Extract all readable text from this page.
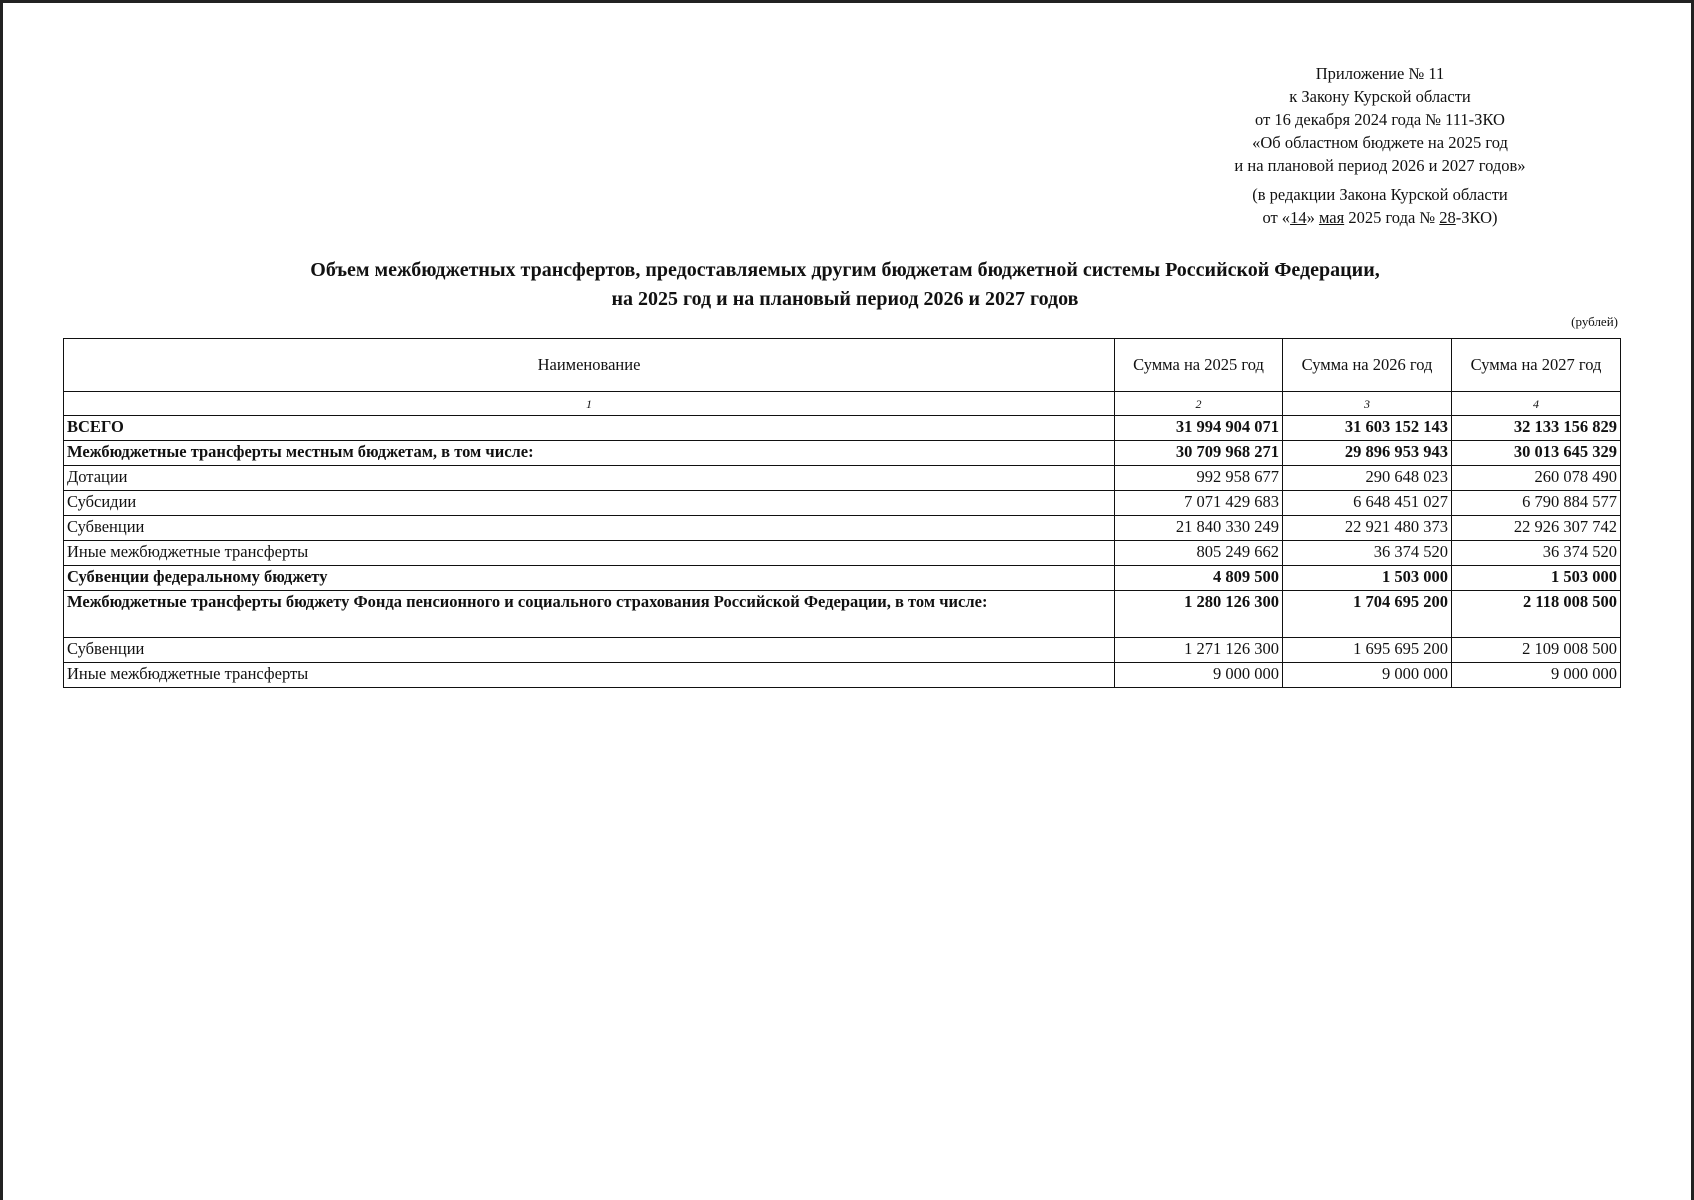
Приложение № 11
к Закону Курской области
от 16 декабря 2024 года № 111-ЗКО
«Об областном бюджете на 2025 год
и на плановой период 2026 и 2027 годов»
(в редакции Закона Курской области
от «14» мая 2025 года № 28-ЗКО)
Объем межбюджетных трансфертов, предоставляемых другим бюджетам бюджетной системы Российской Федерации,
на 2025 год и на плановый период 2026 и 2027 годов
(рублей)
Наименование	Сумма на 2025 год	Сумма на 2026 год	Сумма на 2027 год
1	2	3	4
ВСЕГО	31 994 904 071	31 603 152 143	32 133 156 829
Межбюджетные трансферты местным бюджетам, в том числе:	30 709 968 271	29 896 953 943	30 013 645 329
Дотации	992 958 677	290 648 023	260 078 490
Субсидии	7 071 429 683	6 648 451 027	6 790 884 577
Субвенции	21 840 330 249	22 921 480 373	22 926 307 742
Иные межбюджетные трансферты	805 249 662	36 374 520	36 374 520
Субвенции федеральному бюджету	4 809 500	1 503 000	1 503 000
Межбюджетные трансферты бюджету Фонда пенсионного и социального страхования Российской Федерации, в том числе:	1 280 126 300	1 704 695 200	2 118 008 500
Субвенции	1 271 126 300	1 695 695 200	2 109 008 500
Иные межбюджетные трансферты	9 000 000	9 000 000	9 000 000
